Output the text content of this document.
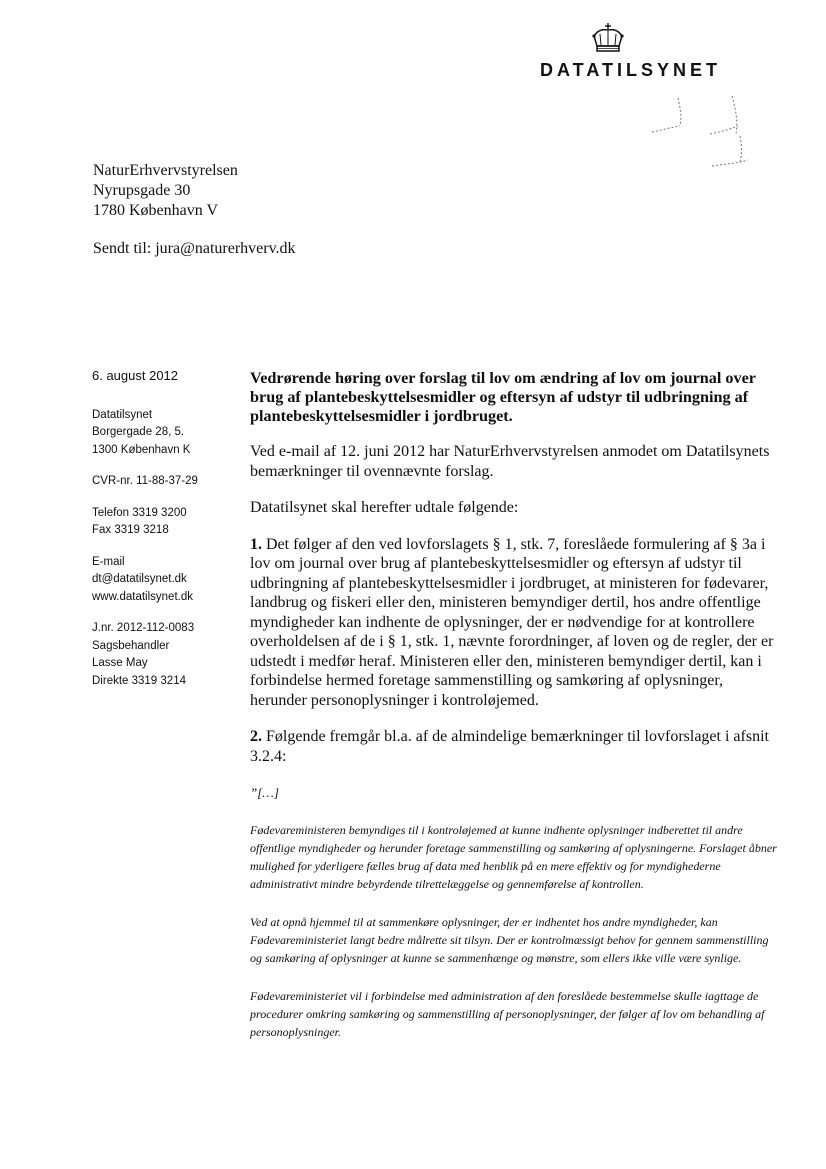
DATATILSYNET
NaturErhvervstyrelsen
Nyrupsgade 30
1780 København V
Sendt til: jura@naturerhverv.dk
6. august 2012
Datatilsynet
Borgergade 28, 5.
1300 København K
CVR-nr. 11-88-37-29
Telefon 3319 3200
Fax 3319 3218
E-mail
dt@datatilsynet.dk
www.datatilsynet.dk
J.nr. 2012-112-0083
Sagsbehandler
Lasse May
Direkte 3319 3214
Vedrørende høring over forslag til lov om ændring af lov om journal over brug af plantebeskyttelsesmidler og eftersyn af udstyr til udbringning af plantebeskyttelsesmidler i jordbruget.

Ved e-mail af 12. juni 2012 har NaturErhvervstyrelsen anmodet om Datatilsynets bemærkninger til ovennævnte forslag.

Datatilsynet skal herefter udtale følgende:

1. Det følger af den ved lovforslagets § 1, stk. 7, foreslåede formulering af § 3a i lov om journal over brug af plantebeskyttelsesmidler og eftersyn af udstyr til udbringning af plantebeskyttelsesmidler i jordbruget, at ministeren for fødevarer, landbrug og fiskeri eller den, ministeren bemyndiger dertil, hos andre offentlige myndigheder kan indhente de oplysninger, der er nødvendige for at kontrollere overholdelsen af de i § 1, stk. 1, nævnte forordninger, af loven og de regler, der er udstedt i medfør heraf. Ministeren eller den, ministeren bemyndiger dertil, kan i forbindelse hermed foretage sammenstilling og samkøring af oplysninger, herunder personoplysninger i kontroløjemed.

2. Følgende fremgår bl.a. af de almindelige bemærkninger til lovforslaget i afsnit 3.2.4:

”[…]

Fødevareministeren bemyndiges til i kontroløjemed at kunne indhente oplysninger indberettet til andre offentlige myndigheder og herunder foretage sammenstilling og samkøring af oplysningerne. Forslaget åbner mulighed for yderligere fælles brug af data med henblik på en mere effektiv og for myndighederne administrativt mindre bebyrdende tilrettelæggelse og gennemførelse af kontrollen.

Ved at opnå hjemmel til at sammenkøre oplysninger, der er indhentet hos andre myndigheder, kan Fødevareministeriet langt bedre målrette sit tilsyn. Der er kontrolmæssigt behov for gennem sammenstilling og samkøring af oplysninger at kunne se sammenhænge og mønstre, som ellers ikke ville være synlige.

Fødevareministeriet vil i forbindelse med administration af den foreslåede bestemmelse skulle iagttage de procedurer omkring samkøring og sammenstilling af personoplysninger, der følger af lov om behandling af personoplysninger.
